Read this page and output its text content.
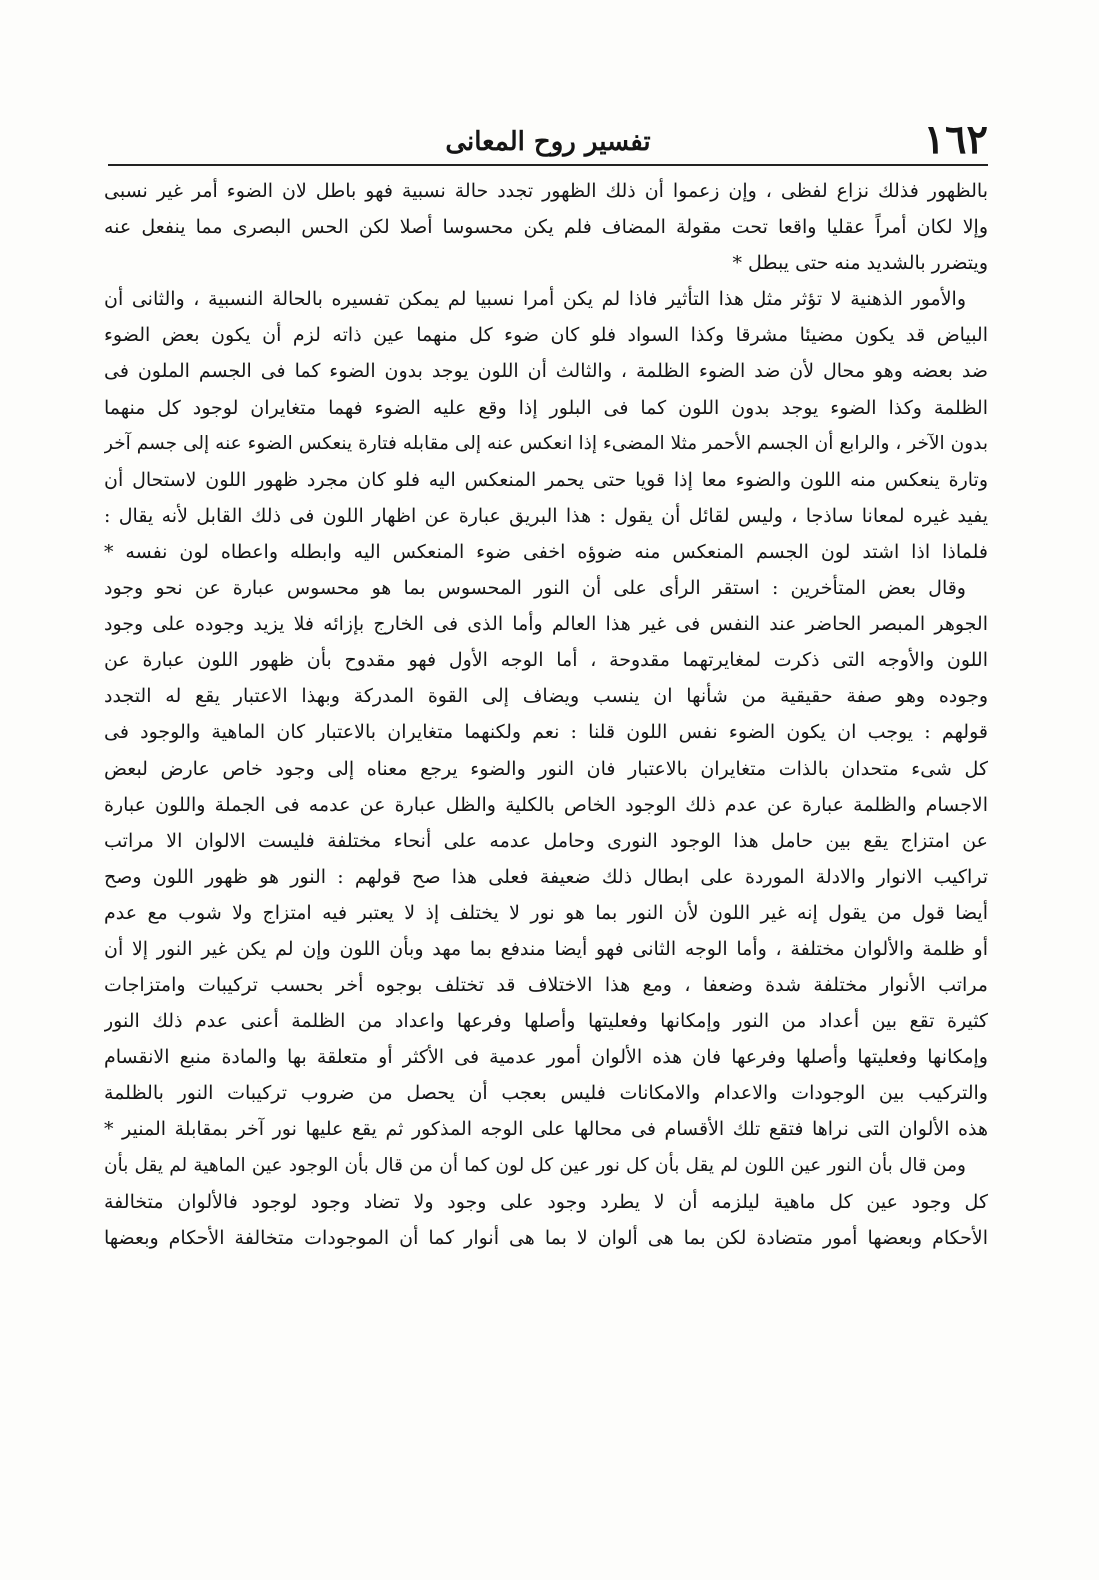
١٦٢
تفسير روح المعانى
بالظهور فذلك نزاع لفظى ، وإن زعموا أن ذلك الظهور تجدد حالة نسبية فهو باطل لان الضوء أمر غير نسبى
وإلا لكان أمراً عقليا واقعا تحت مقولة المضاف فلم يكن محسوسا أصلا لكن الحس البصرى مما ينفعل عنه
ويتضرر بالشديد منه حتى يبطل *
والأمور الذهنية لا تؤثر مثل هذا التأثير فاذا لم يكن أمرا نسبيا لم يمكن تفسيره بالحالة النسبية ، والثانى أن
البياض قد يكون مضيئا مشرقا وكذا السواد فلو كان ضوء كل منهما عين ذاته لزم أن يكون بعض الضوء
ضد بعضه وهو محال لأن ضد الضوء الظلمة ، والثالث أن اللون يوجد بدون الضوء كما فى الجسم الملون فى
الظلمة وكذا الضوء يوجد بدون اللون كما فى البلور إذا وقع عليه الضوء فهما متغايران لوجود كل منهما
بدون الآخر ، والرابع أن الجسم الأحمر مثلا المضىء إذا انعكس عنه إلى مقابله فتارة ينعكس الضوء عنه إلى جسم آخر
وتارة ينعكس منه اللون والضوء معا إذا قويا حتى يحمر المنعكس اليه فلو كان مجرد ظهور اللون لاستحال أن
يفيد غيره لمعانا ساذجا ، وليس لقائل أن يقول : هذا البريق عبارة عن اظهار اللون فى ذلك القابل لأنه يقال :
فلماذا اذا اشتد لون الجسم المنعكس منه ضوؤه اخفى ضوء المنعكس اليه وابطله واعطاه لون نفسه *
وقال بعض المتأخرين : استقر الرأى على أن النور المحسوس بما هو محسوس عبارة عن نحو وجود
الجوهر المبصر الحاضر عند النفس فى غير هذا العالم وأما الذى فى الخارج بإزائه فلا يزيد وجوده على وجود
اللون والأوجه التى ذكرت لمغايرتهما مقدوحة ، أما الوجه الأول فهو مقدوح بأن ظهور اللون عبارة عن
وجوده وهو صفة حقيقية من شأنها ان ينسب ويضاف إلى القوة المدركة وبهذا الاعتبار يقع له التجدد
قولهم : يوجب ان يكون الضوء نفس اللون قلنا : نعم ولكنهما متغايران بالاعتبار كان الماهية والوجود فى
كل شىء متحدان بالذات متغايران بالاعتبار فان النور والضوء يرجع معناه إلى وجود خاص عارض لبعض
الاجسام والظلمة عبارة عن عدم ذلك الوجود الخاص بالكلية والظل عبارة عن عدمه فى الجملة واللون عبارة
عن امتزاج يقع بين حامل هذا الوجود النورى وحامل عدمه على أنحاء مختلفة فليست الالوان الا مراتب
تراكيب الانوار والادلة الموردة على ابطال ذلك ضعيفة فعلى هذا صح قولهم : النور هو ظهور اللون وصح
أيضا قول من يقول إنه غير اللون لأن النور بما هو نور لا يختلف إذ لا يعتبر فيه امتزاج ولا شوب مع عدم
أو ظلمة والألوان مختلفة ، وأما الوجه الثانى فهو أيضا مندفع بما مهد وبأن اللون وإن لم يكن غير النور إلا أن
مراتب الأنوار مختلفة شدة وضعفا ، ومع هذا الاختلاف قد تختلف بوجوه أخر بحسب تركيبات وامتزاجات
كثيرة تقع بين أعداد من النور وإمكانها وفعليتها وأصلها وفرعها واعداد من الظلمة أعنى عدم ذلك النور
وإمكانها وفعليتها وأصلها وفرعها فان هذه الألوان أمور عدمية فى الأكثر أو متعلقة بها والمادة منبع الانقسام
والتركيب بين الوجودات والاعدام والامكانات فليس بعجب أن يحصل من ضروب تركيبات النور بالظلمة
هذه الألوان التى نراها فتقع تلك الأقسام فى محالها على الوجه المذكور ثم يقع عليها نور آخر بمقابلة المنير *
ومن قال بأن النور عين اللون لم يقل بأن كل نور عين كل لون كما أن من قال بأن الوجود عين الماهية لم يقل بأن
كل وجود عين كل ماهية ليلزمه أن لا يطرد وجود على وجود ولا تضاد وجود لوجود فالألوان متخالفة
الأحكام وبعضها أمور متضادة لكن بما هى ألوان لا بما هى أنوار كما أن الموجودات متخالفة الأحكام وبعضها
